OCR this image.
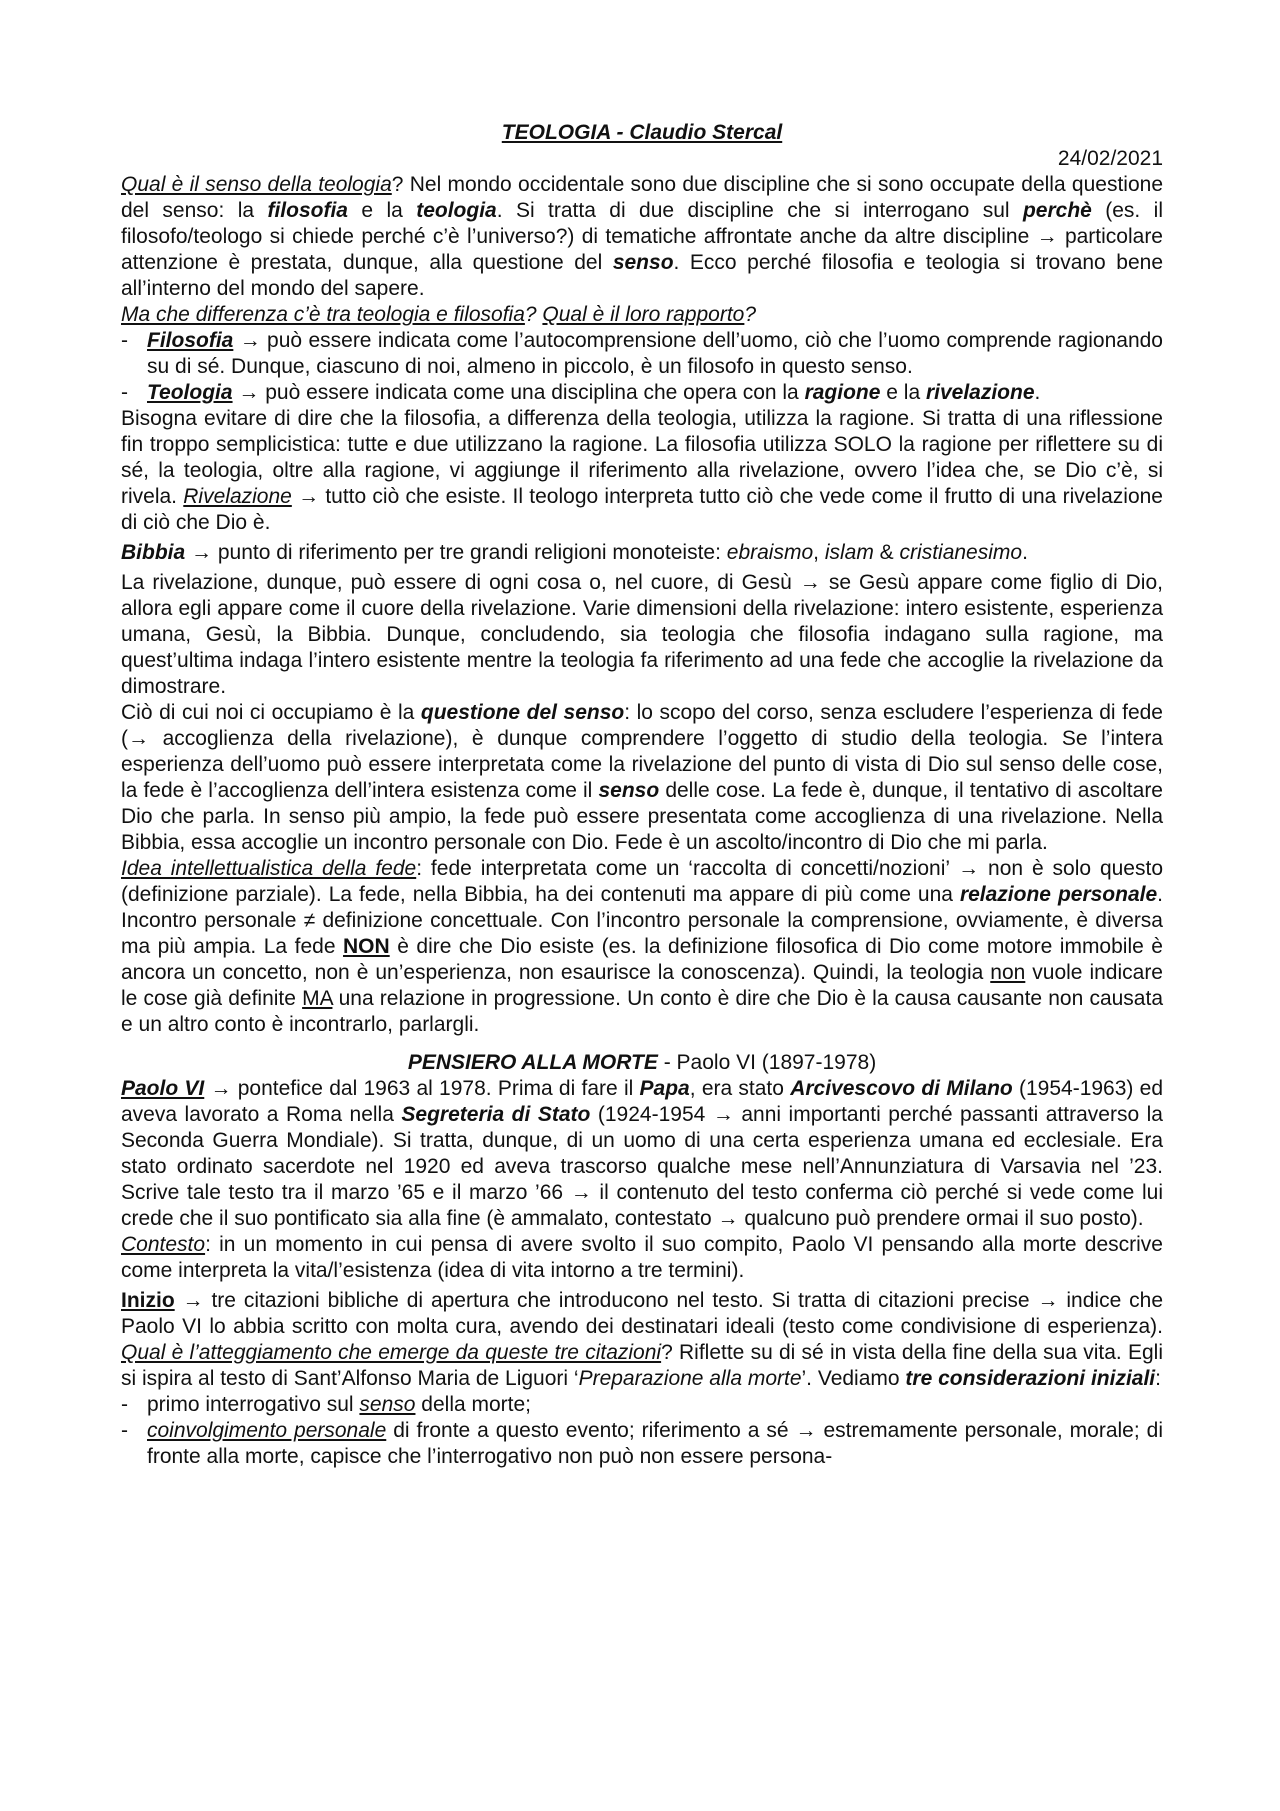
TEOLOGIA - Claudio Stercal

24/02/2021

Qual è il senso della teologia? Nel mondo occidentale sono due discipline che si sono occupate della questione del senso: la filosofia e la teologia. Si tratta di due discipline che si interrogano sul perchè (es. il filosofo/teologo si chiede perché c’è l’universo?) di tematiche affrontate anche da altre discipline → particolare attenzione è prestata, dunque, alla questione del senso. Ecco perché filosofia e teologia si trovano bene all’interno del mondo del sapere.

Ma che differenza c’è tra teologia e filosofia? Qual è il loro rapporto?

- Filosofia → può essere indicata come l’autocomprensione dell’uomo, ciò che l’uomo comprende ragionando su di sé. Dunque, ciascuno di noi, almeno in piccolo, è un filosofo in questo senso.
- Teologia → può essere indicata come una disciplina che opera con la ragione e la rivelazione.

Bisogna evitare di dire che la filosofia, a differenza della teologia, utilizza la ragione. Si tratta di una riflessione fin troppo semplicistica: tutte e due utilizzano la ragione. La filosofia utilizza SOLO la ragione per riflettere su di sé, la teologia, oltre alla ragione, vi aggiunge il riferimento alla rivelazione, ovvero l’idea che, se Dio c’è, si rivela. Rivelazione → tutto ciò che esiste. Il teologo interpreta tutto ciò che vede come il frutto di una rivelazione di ciò che Dio è.

Bibbia → punto di riferimento per tre grandi religioni monoteiste: ebraismo, islam & cristianesimo.

La rivelazione, dunque, può essere di ogni cosa o, nel cuore, di Gesù → se Gesù appare come figlio di Dio, allora egli appare come il cuore della rivelazione. Varie dimensioni della rivelazione: intero esistente, esperienza umana, Gesù, la Bibbia. Dunque, concludendo, sia teologia che filosofia indagano sulla ragione, ma quest’ultima indaga l’intero esistente mentre la teologia fa riferimento ad una fede che accoglie la rivelazione da dimostrare.

Ciò di cui noi ci occupiamo è la questione del senso: lo scopo del corso, senza escludere l’esperienza di fede (→ accoglienza della rivelazione), è dunque comprendere l’oggetto di studio della teologia. Se l’intera esperienza dell’uomo può essere interpretata come la rivelazione del punto di vista di Dio sul senso delle cose, la fede è l’accoglienza dell’intera esistenza come il senso delle cose. La fede è, dunque, il tentativo di ascoltare Dio che parla. In senso più ampio, la fede può essere presentata come accoglienza di una rivelazione. Nella Bibbia, essa accoglie un incontro personale con Dio. Fede è un ascolto/incontro di Dio che mi parla.

Idea intellettualistica della fede: fede interpretata come un ‘raccolta di concetti/nozioni’ → non è solo questo (definizione parziale). La fede, nella Bibbia, ha dei contenuti ma appare di più come una relazione personale. Incontro personale ≠ definizione concettuale. Con l’incontro personale la comprensione, ovviamente, è diversa ma più ampia. La fede NON è dire che Dio esiste (es. la definizione filosofica di Dio come motore immobile è ancora un concetto, non è un’esperienza, non esaurisce la conoscenza). Quindi, la teologia non vuole indicare le cose già definite MA una relazione in progressione. Un conto è dire che Dio è la causa causante non causata e un altro conto è incontrarlo, parlargli.

PENSIERO ALLA MORTE - Paolo VI (1897-1978)

Paolo VI → pontefice dal 1963 al 1978. Prima di fare il Papa, era stato Arcivescovo di Milano (1954-1963) ed aveva lavorato a Roma nella Segreteria di Stato (1924-1954 → anni importanti perché passanti attraverso la Seconda Guerra Mondiale). Si tratta, dunque, di un uomo di una certa esperienza umana ed ecclesiale. Era stato ordinato sacerdote nel 1920 ed aveva trascorso qualche mese nell’Annunziatura di Varsavia nel ’23. Scrive tale testo tra il marzo ’65 e il marzo ’66 → il contenuto del testo conferma ciò perché si vede come lui crede che il suo pontificato sia alla fine (è ammalato, contestato → qualcuno può prendere ormai il suo posto).

Contesto: in un momento in cui pensa di avere svolto il suo compito, Paolo VI pensando alla morte descrive come interpreta la vita/l’esistenza (idea di vita intorno a tre termini).

Inizio → tre citazioni bibliche di apertura che introducono nel testo. Si tratta di citazioni precise → indice che Paolo VI lo abbia scritto con molta cura, avendo dei destinatari ideali (testo come condivisione di esperienza). Qual è l’atteggiamento che emerge da queste tre citazioni? Riflette su di sé in vista della fine della sua vita. Egli si ispira al testo di Sant’Alfonso Maria de Liguori ‘Preparazione alla morte’. Vediamo tre considerazioni iniziali:

- primo interrogativo sul senso della morte;
- coinvolgimento personale di fronte a questo evento; riferimento a sé → estremamente personale, morale; di fronte alla morte, capisce che l’interrogativo non può non essere persona-
